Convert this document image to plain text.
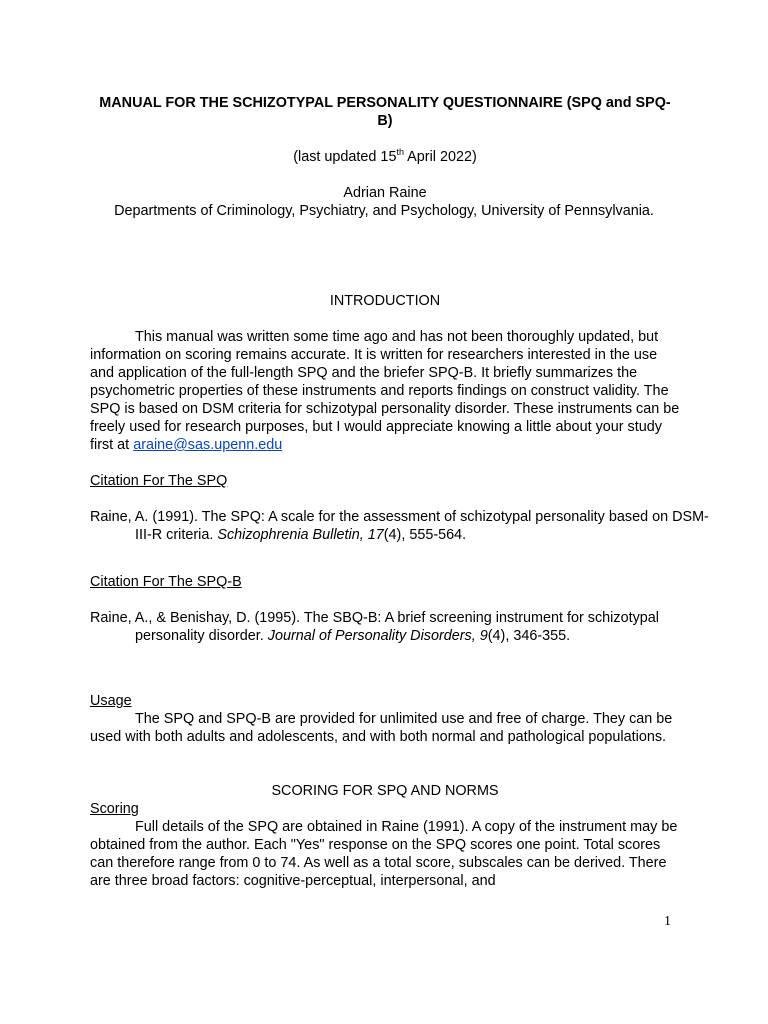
MANUAL FOR THE SCHIZOTYPAL PERSONALITY QUESTIONNAIRE (SPQ and SPQ-B)
(last updated 15th April 2022)
Adrian Raine
Departments of Criminology, Psychiatry, and Psychology, University of Pennsylvania.
INTRODUCTION
This manual was written some time ago and has not been thoroughly updated, but information on scoring remains accurate. It is written for researchers interested in the use and application of the full-length SPQ and the briefer SPQ-B. It briefly summarizes the psychometric properties of these instruments and reports findings on construct validity. The SPQ is based on DSM criteria for schizotypal personality disorder. These instruments can be freely used for research purposes, but I would appreciate knowing a little about your study first at araine@sas.upenn.edu
Citation For The SPQ
Raine, A. (1991). The SPQ: A scale for the assessment of schizotypal personality based on DSM-III-R criteria. Schizophrenia Bulletin, 17(4), 555-564.
Citation For The SPQ-B
Raine, A., & Benishay, D. (1995). The SBQ-B: A brief screening instrument for schizotypal personality disorder. Journal of Personality Disorders, 9(4), 346-355.
Usage
The SPQ and SPQ-B are provided for unlimited use and free of charge. They can be used with both adults and adolescents, and with both normal and pathological populations.
SCORING FOR SPQ AND NORMS
Scoring
Full details of the SPQ are obtained in Raine (1991). A copy of the instrument may be obtained from the author. Each "Yes" response on the SPQ scores one point. Total scores can therefore range from 0 to 74. As well as a total score, subscales can be derived. There are three broad factors: cognitive-perceptual, interpersonal, and
1
